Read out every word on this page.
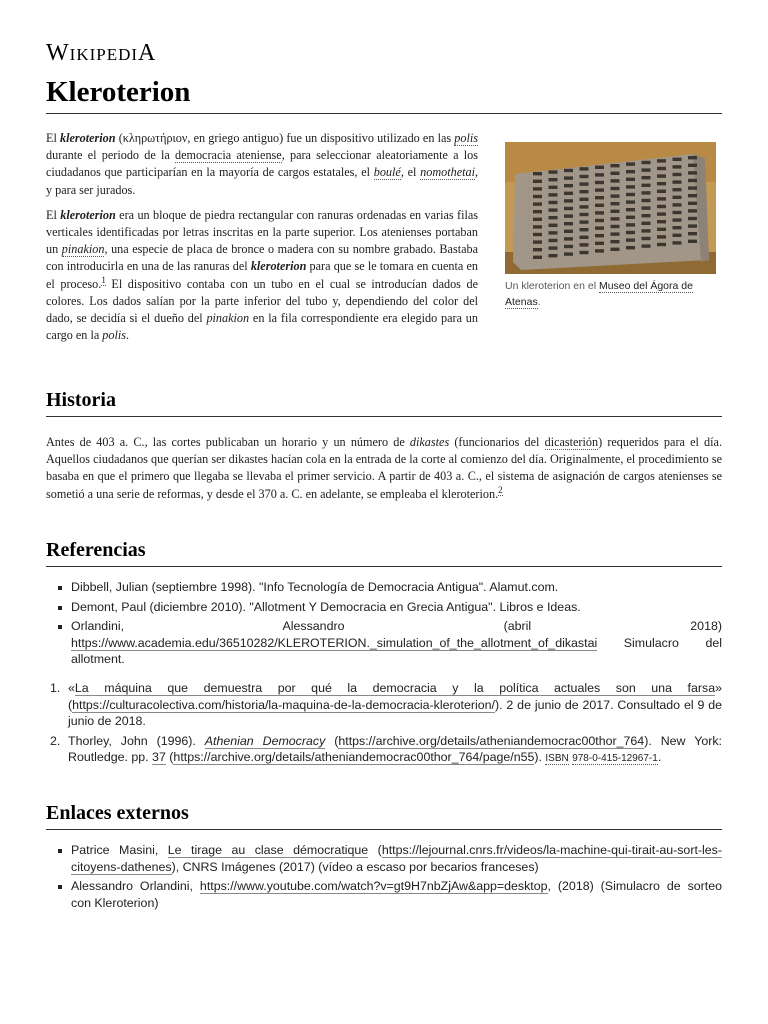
WIKIPEDIA
Kleroterion

El kleroterion (κληρωτήριον, en griego antiguo) fue un dispositivo utilizado en las polis durante el periodo de la democracia ateniense, para seleccionar aleatoriamente a los ciudadanos que participarían en la mayoría de cargos estatales, el boulé, el nomothetai, y para ser jurados.

El kleroterion era un bloque de piedra rectangular con ranuras ordenadas en varias filas verticales identificadas por letras inscritas en la parte superior. Los atenienses portaban un pinakion, una especie de placa de bronce o madera con su nombre grabado. Bastaba con introducirla en una de las ranuras del kleroterion para que se le tomara en cuenta en el proceso.$^1$ El dispositivo contaba con un tubo en el cual se introducían dados de colores. Los dados salían por la parte inferior del tubo y, dependiendo del color del dado, se decidía si el dueño del pinakion en la fila correspondiente era elegido para un cargo en la polis.

Un kleroterion en el Museo del Ágora de Atenas.
Historia

Antes de 403 a. C., las cortes publicaban un horario y un número de dikastes (funcionarios del dicasterión) requeridos para el día. Aquellos ciudadanos que querían ser dikastes hacían cola en la entrada de la corte al comienzo del día. Originalmente, el procedimiento se basaba en que el primero que llegaba se llevaba el primer servicio. A partir de 403 a. C., el sistema de asignación de cargos atenienses se sometió a una serie de reformas, y desde el 370 a. C. en adelante, se empleaba el kleroterion.$^2$

Referencias
Dibbell, Julian (septiembre 1998). "Info Tecnología de Democracia Antigua". Alamut.com.
Demont, Paul (diciembre 2010). "Allotment Y Democracia en Grecia Antigua". Libros e Ideas.
Orlandini, Alessandro (abril 2018) https://www.academia.edu/36510282/KLEROTERION._simulation_of_the_allotment_of_dikastai Simulacro del allotment.
1. «La máquina que demuestra por qué la democracia y la política actuales son una farsa» (https://culturacolectiva.com/historia/la-maquina-de-la-democracia-kleroterion/). 2 de junio de 2017. Consultado el 9 de junio de 2018.
2. Thorley, John (1996). Athenian Democracy (https://archive.org/details/atheniandemocrac00thor_764). New York: Routledge. pp. 37 (https://archive.org/details/atheniandemocrac00thor_764/page/n55). ISBN 978-0-415-12967-1.
Enlaces externos
Patrice Masini, Le tirage au clase démocratique (https://lejournal.cnrs.fr/videos/la-machine-qui-tirait-au-sort-les-citoyens-dathenes), CNRS Imágenes (2017) (vídeo a escaso por becarios franceses)
Alessandro Orlandini, https://www.youtube.com/watch?v=gt9H7nbZjAw&app=desktop, (2018) (Simulacro de sorteo con Kleroterion)
